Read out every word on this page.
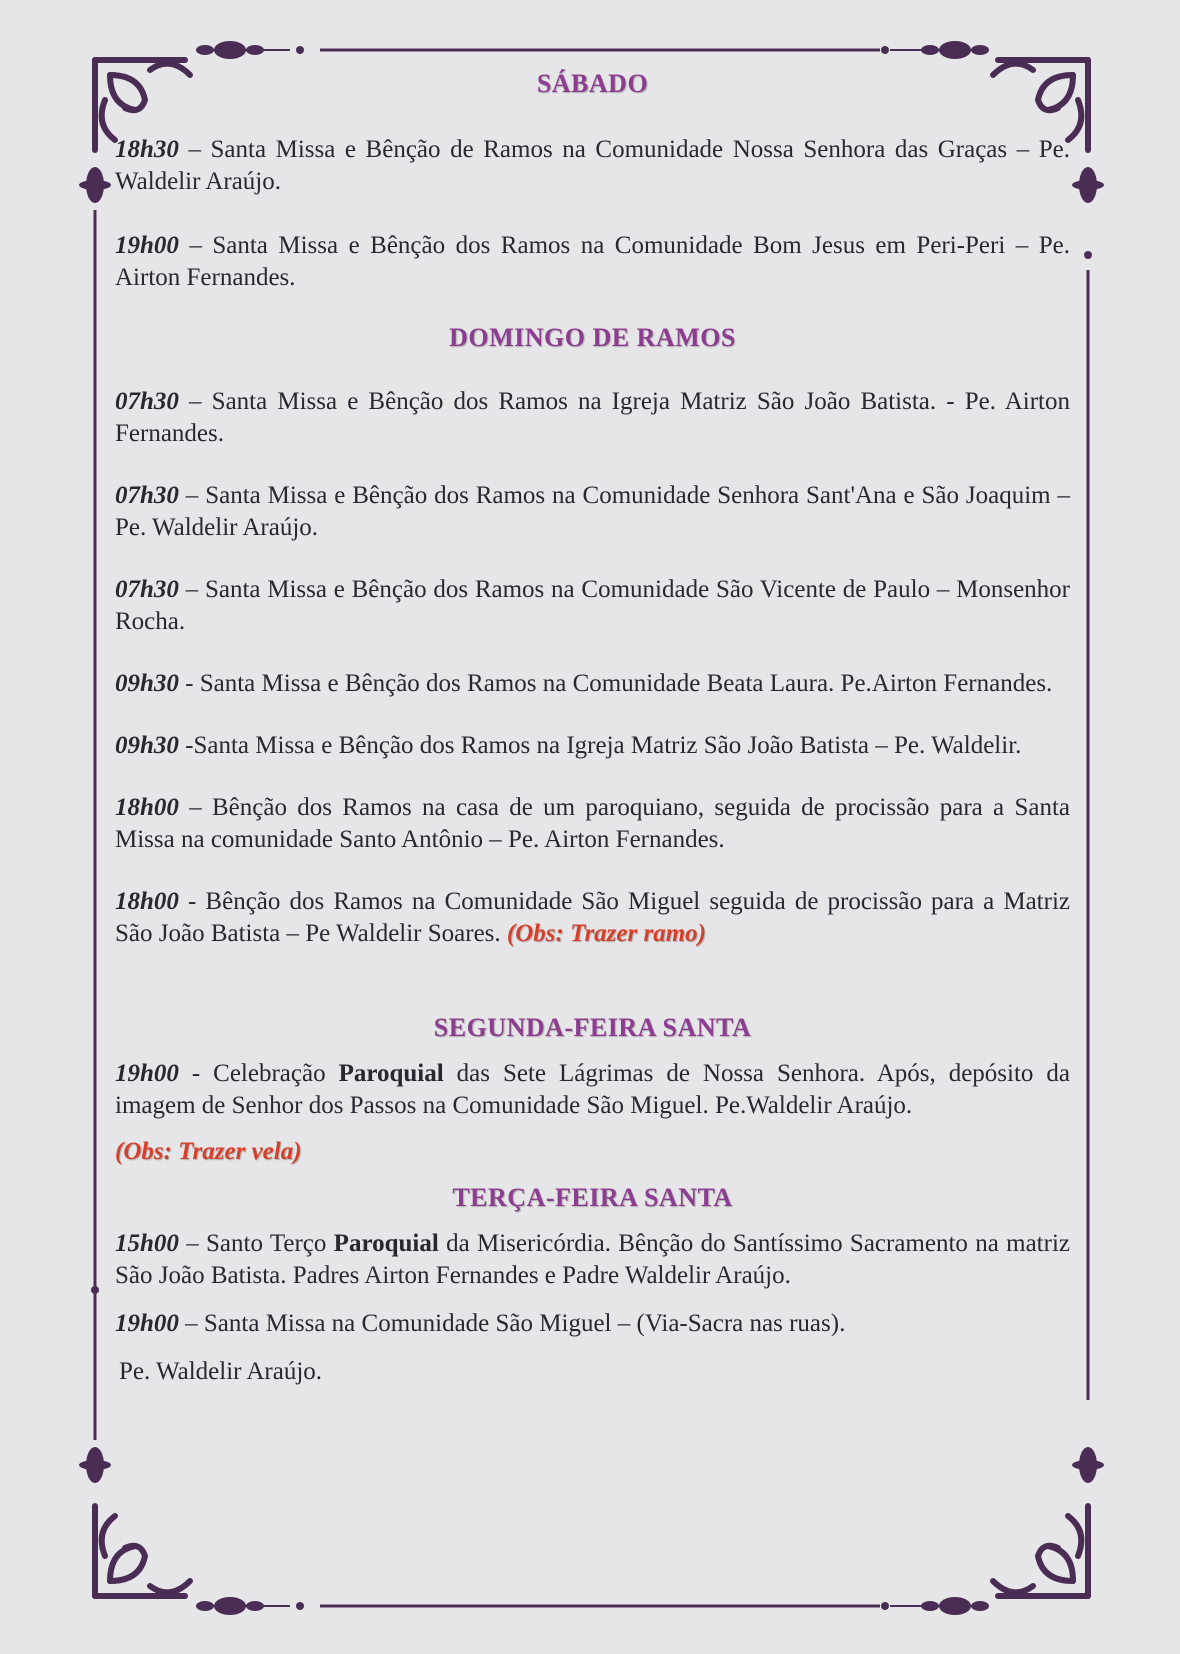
SÁBADO
18h30 – Santa Missa e Bênção de Ramos na Comunidade Nossa Senhora das Graças – Pe. Waldelir Araújo.
19h00 – Santa Missa e Bênção dos Ramos na Comunidade Bom Jesus em Peri-Peri – Pe. Airton Fernandes.
DOMINGO DE RAMOS
07h30 – Santa Missa e Bênção dos Ramos na Igreja Matriz São João Batista. - Pe. Airton Fernandes.
07h30 – Santa Missa e Bênção dos Ramos na Comunidade Senhora Sant'Ana e São Joaquim –Pe. Waldelir Araújo.
07h30 – Santa Missa e Bênção dos Ramos na Comunidade São Vicente de Paulo – Monsenhor Rocha.
09h30 - Santa Missa e Bênção dos Ramos na Comunidade Beata Laura. Pe.Airton Fernandes.
09h30 -Santa Missa e Bênção dos Ramos na Igreja Matriz São João Batista – Pe. Waldelir.
18h00 – Bênção dos Ramos na casa de um paroquiano, seguida de procissão para a Santa Missa na comunidade Santo Antônio – Pe. Airton Fernandes.
18h00 - Bênção dos Ramos na Comunidade São Miguel seguida de procissão para a Matriz São João Batista – Pe Waldelir Soares. (Obs: Trazer ramo)
SEGUNDA-FEIRA SANTA
19h00 - Celebração Paroquial das Sete Lágrimas de Nossa Senhora. Após, depósito da imagem de Senhor dos Passos na Comunidade São Miguel. Pe.Waldelir Araújo.
(Obs: Trazer vela)
TERÇA-FEIRA SANTA
15h00 – Santo Terço Paroquial da Misericórdia. Bênção do Santíssimo Sacramento na matriz São João Batista. Padres Airton Fernandes e Padre Waldelir Araújo.
19h00 – Santa Missa na Comunidade São Miguel – (Via-Sacra nas ruas).
Pe. Waldelir Araújo.
